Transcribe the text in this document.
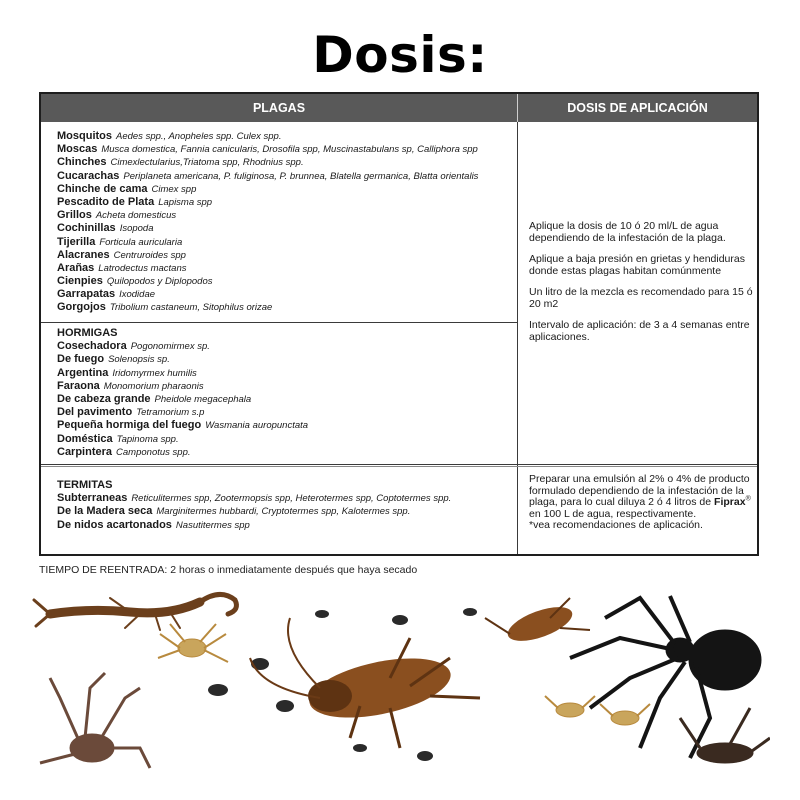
Dosis:
PLAGAS	DOSIS DE APLICACIÓN
Mosquitos Aedes spp., Anopheles spp. Culex spp.
Moscas Musca domestica, Fannia canicularis, Drosofila spp, Muscinastabulans sp, Calliphora spp
Chinches Cimexlectularius,Triatoma spp, Rhodnius spp.
Cucarachas Periplaneta americana, P. fuliginosa, P. brunnea, Blatella germanica, Blatta orientalis
Chinche de cama Cimex spp
Pescadito de Plata Lapisma spp
Grillos Acheta domesticus
Cochinillas Isopoda
Tijerilla Forticula auricularia
Alacranes Centruroides spp
Arañas Latrodectus mactans
Cienpies Quilopodos y Diplopodos
Garrapatas Ixodidae
Gorgojos Tribolium castaneum, Sitophilus orizae
HORMIGAS
Cosechadora Pogonomirmex sp.
De fuego Solenopsis sp.
Argentina Iridomyrmex humilis
Faraona Monomorium pharaonis
De cabeza grande Pheidole megacephala
Del pavimento Tetramorium s.p
Pequeña hormiga del fuego Wasmania auropunctata
Doméstica Tapinoma spp.
Carpintera Camponotus spp.
TERMITAS
Subterraneas Reticulitermes spp, Zootermopsis spp, Heterotermes spp, Coptotermes spp.
De la Madera seca Marginitermes hubbardi, Cryptotermes spp, Kalotermes spp.
De nidos acartonados Nasutitermes spp

Aplique la dosis de 10 ó 20 ml/L de agua dependiendo de la infestación de la plaga.

Aplique a baja presión en grietas y hendiduras donde estas plagas habitan comúnmente

Un litro de la mezcla es recomendado para 15 ó 20 m2

Intervalo de aplicación: de 3 a 4 semanas entre aplicaciones.

Preparar una emulsión al 2% o 4% de producto formulado dependiendo de la infestación de la plaga, para lo cual diluya 2 ó 4 litros de Fiprax® en 100 L de agua, respectivamente.
*vea recomendaciones de aplicación.
TIEMPO DE REENTRADA: 2 horas o inmediatamente después que haya secado
